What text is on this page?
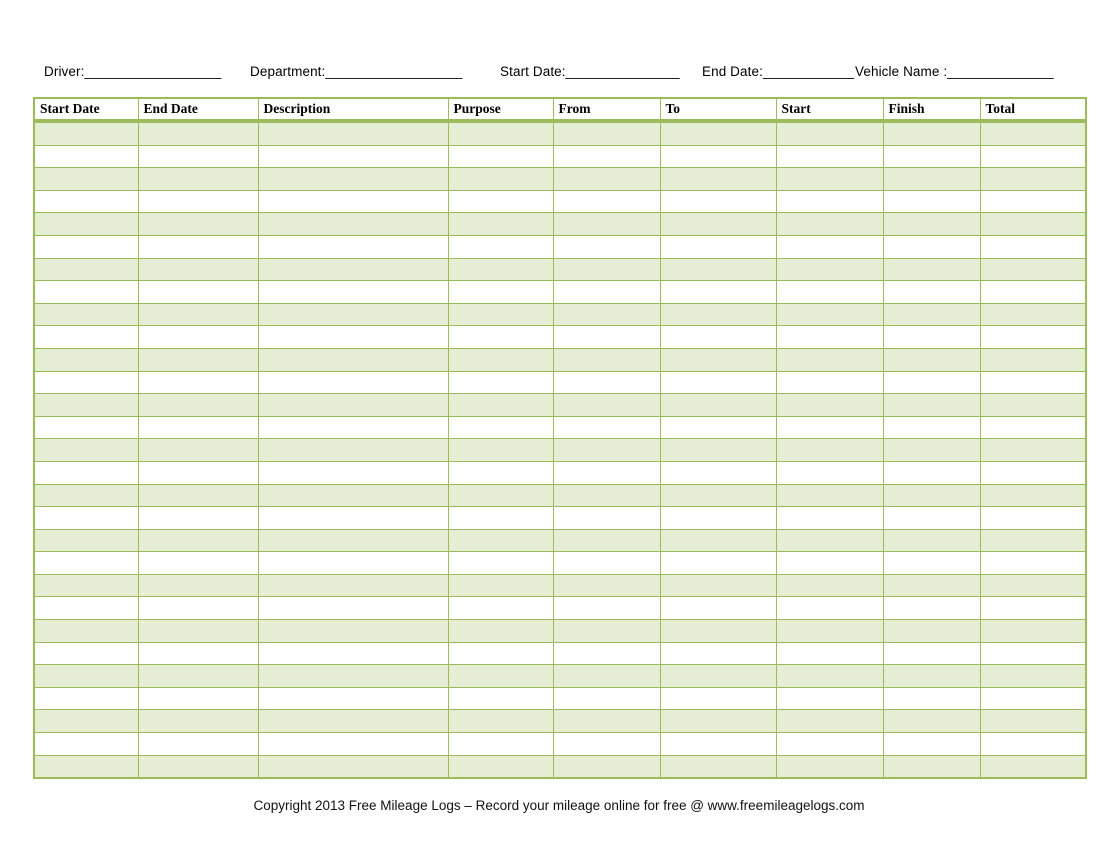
Driver:__________________ Department:__________________	Start Date:_______________ End Date:____________ Vehicle Name :______________
Start Date	End Date	Description	Purpose	From	To	Start	Finish	Total

Copyright 2013 Free Mileage Logs – Record your mileage online for free @ www.freemileagelogs.com
